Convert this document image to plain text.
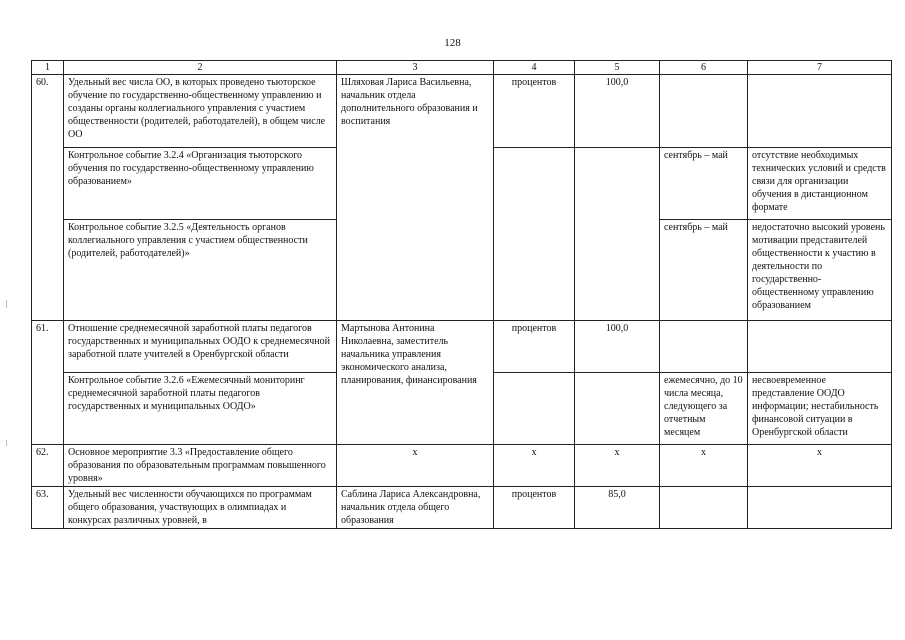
128
1	2	3	4	5	6	7
60.	Удельный вес числа ОО, в которых проведено тьюторское обучение по государственно-общественному управлению и созданы органы коллегиального управления с участием общественности (родителей, работодателей), в общем числе ОО	Шляховая Лариса Васильевна, начальник отдела дополнительного образования и воспитания	процентов	100,0		
	Контрольное событие 3.2.4 «Организация тьюторского обучения по государственно-общественному управлению образованием»				сентябрь – май	отсутствие необходимых технических условий и средств связи для организации обучения в дистанционном формате
	Контрольное событие 3.2.5 «Деятельность органов коллегиального управления с участием общественности (родителей, работодателей)»				сентябрь – май	недостаточно высокий уровень мотивации представителей общественности к участию в деятельности по государственно-общественному управлению образованием
61.	Отношение среднемесячной заработной платы педагогов государственных и муниципальных ООДО к среднемесячной заработной плате учителей в Оренбургской области	Мартынова Антонина Николаевна, заместитель начальника управления экономического анализа, планирования, финансирования	процентов	100,0		
	Контрольное событие 3.2.6 «Ежемесячный мониторинг среднемесячной заработной платы педагогов государственных и муниципальных ООДО»				ежемесячно, до 10 числа месяца, следующего за отчетным месяцем	несвоевременное представление ООДО информации; нестабильность финансовой ситуации в Оренбургской области
62.	Основное мероприятие 3.3 «Предоставление общего образования по образовательным программам повышенного уровня»	х	х	х	х	х
63.	Удельный вес численности обучающихся по программам общего образования, участвующих в олимпиадах и конкурсах различных уровней, в	Саблина Лариса Александровна, начальник отдела общего образования	процентов	85,0		
